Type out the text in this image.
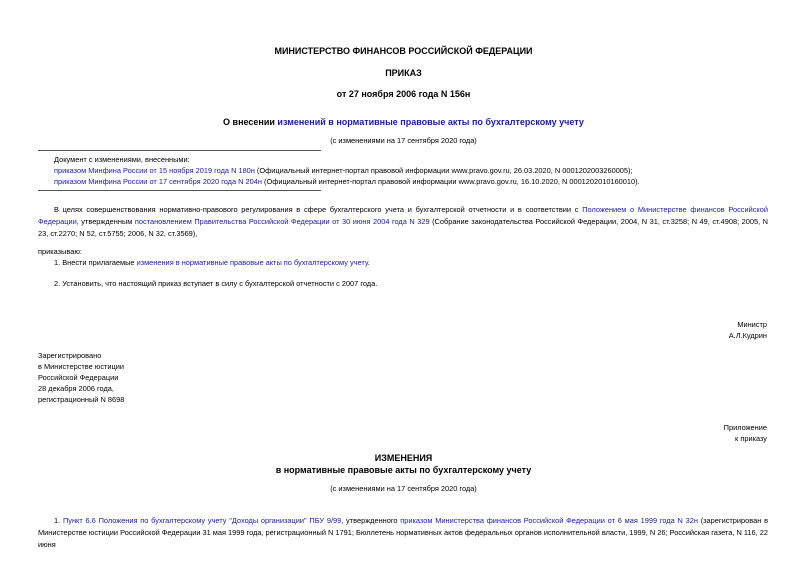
МИНИСТЕРСТВО ФИНАНСОВ РОССИЙСКОЙ ФЕДЕРАЦИИ
ПРИКАЗ
от 27 ноября 2006 года N 156н
О внесении изменений в нормативные правовые акты по бухгалтерскому учету
(с изменениями на 17 сентября 2020 года)
Документ с изменениями, внесенными:
приказом Минфина России от 15 ноября 2019 года N 180н (Официальный интернет-портал правовой информации www.pravo.gov.ru, 26.03.2020, N 0001202003260005);
приказом Минфина России от 17 сентября 2020 года N 204н (Официальный интернет-портал правовой информации www.pravo.gov.ru, 16.10.2020, N 0001202010160010).
В целях совершенствования нормативно-правового регулирования в сфере бухгалтерского учета и бухгалтерской отчетности и в соответствии с Положением о Министерстве финансов Российской Федерации, утвержденным постановлением Правительства Российской Федерации от 30 июня 2004 года N 329 (Собрание законодательства Российской Федерации, 2004, N 31, ст.3258; N 49, ст.4908; 2005, N 23, ст.2270; N 52, ст.5755; 2006, N 32, ст.3569),
приказываю:
1. Внести прилагаемые изменения в нормативные правовые акты по бухгалтерскому учету.
2. Установить, что настоящий приказ вступает в силу с бухгалтерской отчетности с 2007 года.
Министр
А.Л.Кудрин
Зарегистрировано
в Министерстве юстиции
Российской Федерации
28 декабря 2006 года,
регистрационный N 8698
Приложение
к приказу
ИЗМЕНЕНИЯ
в нормативные правовые акты по бухгалтерскому учету
(с изменениями на 17 сентября 2020 года)
1. Пункт 6.6 Положения по бухгалтерскому учету "Доходы организации" ПБУ 9/99, утвержденного приказом Министерства финансов Российской Федерации от 6 мая 1999 года N 32н (зарегистрирован в Министерстве юстиции Российской Федерации 31 мая 1999 года, регистрационный N 1791; Бюллетень нормативных актов федеральных органов исполнительной власти, 1999, N 26; Российская газета, N 116, 22 июня
